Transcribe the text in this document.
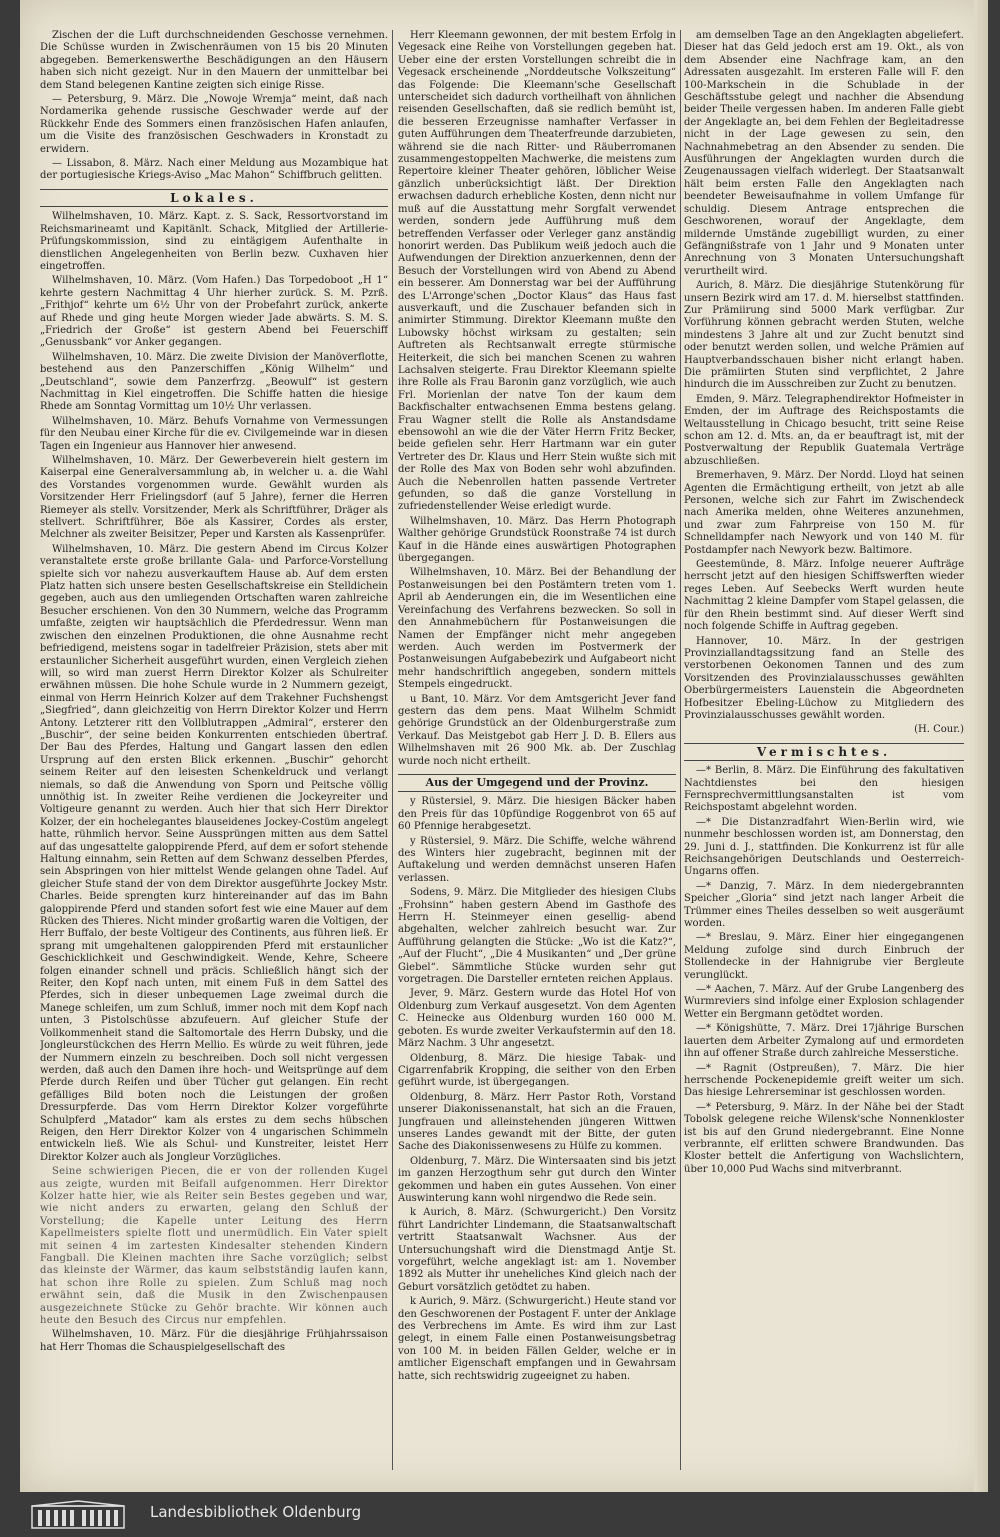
Zischen der die Luft durchschneidenden Geschosse vernehmen. Die Schüsse wurden in Zwischenräumen von 15 bis 20 Minuten abgegeben. Bemerkenswerthe Beschädigungen an den Häusern haben sich nicht gezeigt. Nur in den Mauern der unmittelbar bei dem Stand belegenen Kantine zeigten sich einige Risse.

— Petersburg, 9. März. Die „Nowoje Wremja“ meint, daß nach Nordamerika gehende russische Geschwader werde auf der Rückkehr Ende des Sommers einen französischen Hafen anlaufen, um die Visite des französischen Geschwaders in Kronstadt zu erwidern.

— Lissabon, 8. März. Nach einer Meldung aus Mozambique hat der portugiesische Kriegs-Aviso „Mac Mahon“ Schiffbruch gelitten.

Lokales.

Wilhelmshaven, 10. März. Kapt. z. S. Sack, Ressortvorstand im Reichsmarineamt und Kapitänlt. Schack, Mitglied der Artillerie-Prüfungskommission, sind zu eintägigem Aufenthalte in dienstlichen Angelegenheiten von Berlin bezw. Cuxhaven hier eingetroffen.

Wilhelmshaven, 10. März. (Vom Hafen.) Das Torpedoboot „H 1“ kehrte gestern Nachmittag 4 Uhr hierher zurück. S. M. Pzrß. „Frithjof“ kehrte um 6½ Uhr von der Probefahrt zurück, ankerte auf Rhede und ging heute Morgen wieder Jade abwärts. S. M. S. „Friedrich der Große“ ist gestern Abend bei Feuerschiff „Genussbank“ vor Anker gegangen.

Wilhelmshaven, 10. März. Die zweite Division der Manöverflotte, bestehend aus den Panzerschiffen „König Wilhelm“ und „Deutschland“, sowie dem Panzerfrzg. „Beowulf“ ist gestern Nachmittag in Kiel eingetroffen. Die Schiffe hatten die hiesige Rhede am Sonntag Vormittag um 10½ Uhr verlassen.

Wilhelmshaven, 10. März. Behufs Vornahme von Vermessungen für den Neubau einer Kirche für die ev. Civilgemeinde war in diesen Tagen ein Ingenieur aus Hannover hier anwesend.

Wilhelmshaven, 10. März. Der Gewerbeverein hielt gestern im Kaiserpal eine Generalversammlung ab, in welcher u. a. die Wahl des Vorstandes vorgenommen wurde. Gewählt wurden als Vorsitzender Herr Frielingsdorf (auf 5 Jahre), ferner die Herren Riemeyer als stellv. Vorsitzender, Merk als Schriftführer, Dräger als stellvert. Schriftführer, Böe als Kassirer, Cordes als erster, Melchner als zweiter Beisitzer, Peper und Karsten als Kassenprüfer.

Wilhelmshaven, 10. März. Die gestern Abend im Circus Kolzer veranstaltete erste große brillante Gala- und Parforce-Vorstellung spielte sich vor nahezu ausverkauftem Hause ab. Auf dem ersten Platz hatten sich unsere besten Gesellschaftskreise ein Stelldichein gegeben, auch aus den umliegenden Ortschaften waren zahlreiche Besucher erschienen. Von den 30 Nummern, welche das Programm umfaßte, zeigten wir hauptsächlich die Pferdedressur. Wenn man zwischen den einzelnen Produktionen, die ohne Ausnahme recht befriedigend, meistens sogar in tadelfreier Präzision, stets aber mit erstaunlicher Sicherheit ausgeführt wurden, einen Vergleich ziehen will, so wird man zuerst Herrn Direktor Kolzer als Schulreiter erwähnen müssen. Die hohe Schule wurde in 2 Nummern gezeigt, einmal von Herrn Heinrich Kolzer auf dem Trakehner Fuchshengst „Siegfried“, dann gleichzeitig von Herrn Direktor Kolzer und Herrn Antony. Letzterer ritt den Vollblutrappen „Admiral“, ersterer den „Buschir“, der seine beiden Konkurrenten entschieden übertraf. Der Bau des Pferdes, Haltung und Gangart lassen den edlen Ursprung auf den ersten Blick erkennen. „Buschir“ gehorcht seinem Reiter auf den leisesten Schenkeldruck und verlangt niemals, so daß die Anwendung von Sporn und Peitsche völlig unnöthig ist. In zweiter Reihe verdienen die Jockeyreiter und Voltigeure genannt zu werden. Auch hier that sich Herr Direktor Kolzer, der ein hochelegantes blauseidenes Jockey-Costüm angelegt hatte, rühmlich hervor. Seine Aussprüngen mitten aus dem Sattel auf das ungesattelte galoppirende Pferd, auf dem er sofort stehende Haltung einnahm, sein Retten auf dem Schwanz desselben Pferdes, sein Abspringen von hier mittelst Wende gelangen ohne Tadel. Auf gleicher Stufe stand der von dem Direktor ausgeführte Jockey Mstr. Charles. Beide sprengten kurz hintereinander auf das im Bahn galoppirende Pferd und standen sofort fest wie eine Mauer auf dem Rücken des Thieres. Nicht minder großartig waren die Voltigen, der Herr Buffalo, der beste Voltigeur des Continents, aus führen ließ. Er sprang mit umgehaltenen galoppirenden Pferd mit erstaunlicher Geschicklichkeit und Geschwindigkeit. Wende, Kehre, Scheere folgen einander schnell und präcis. Schließlich hängt sich der Reiter, den Kopf nach unten, mit einem Fuß in dem Sattel des Pferdes, sich in dieser unbequemen Lage zweimal durch die Manege schleifen, um zum Schluß, immer noch mit dem Kopf nach unten, 3 Pistolschüsse abzufeuern. Auf gleicher Stufe der Vollkommenheit stand die Saltomortale des Herrn Dubsky, und die Jongleurstückchen des Herrn Mellio. Es würde zu weit führen, jede der Nummern einzeln zu beschreiben. Doch soll nicht vergessen werden, daß auch den Damen ihre hoch- und Weitsprünge auf dem Pferde durch Reifen und über Tücher gut gelangen. Ein recht gefälliges Bild boten noch die Leistungen der großen Dressurpferde. Das vom Herrn Direktor Kolzer vorgeführte Schulpferd „Matador“ kam als erstes zu dem sechs hübschen Reigen, den Herr Direktor Kolzer von 4 ungarischen Schimmeln entwickeln ließ. Wie als Schul- und Kunstreiter, leistet Herr Direktor Kolzer auch als Jongleur Vorzügliches.

Seine schwierigen Piecen, die er von der rollenden Kugel aus zeigte, wurden mit Beifall aufgenommen. Herr Direktor Kolzer hatte hier, wie als Reiter sein Bestes gegeben und war, wie nicht anders zu erwarten, gelang den Schluß der Vorstellung; die Kapelle unter Leitung des Herrn Kapellmeisters spielte flott und unermüdlich. Ein Vater spielt mit seinen 4 im zartesten Kindesalter stehenden Kindern Fangball. Die Kleinen machten ihre Sache vorzüglich; selbst das kleinste der Wärmer, das kaum selbstständig laufen kann, hat schon ihre Rolle zu spielen. Zum Schluß mag noch erwähnt sein, daß die Musik in den Zwischenpausen ausgezeichnete Stücke zu Gehör brachte. Wir können auch heute den Besuch des Circus nur empfehlen.

Wilhelmshaven, 10. März. Für die diesjährige Frühjahrssaison hat Herr Thomas die Schauspielgesellschaft des

Herr Kleemann gewonnen, der mit bestem Erfolg in Vegesack eine Reihe von Vorstellungen gegeben hat. Ueber eine der ersten Vorstellungen schreibt die in Vegesack erscheinende „Norddeutsche Volkszeitung“ das Folgende: Die Kleemann'sche Gesellschaft unterscheidet sich dadurch vortheilhaft von ähnlichen reisenden Gesellschaften, daß sie redlich bemüht ist, die besseren Erzeugnisse namhafter Verfasser in guten Aufführungen dem Theaterfreunde darzubieten, während sie die nach Ritter- und Räuberromanen zusammengestoppelten Machwerke, die meistens zum Repertoire kleiner Theater gehören, löblicher Weise gänzlich unberücksichtigt läßt. Der Direktion erwachsen dadurch erhebliche Kosten, denn nicht nur muß auf die Ausstattung mehr Sorgfalt verwendet werden, sondern jede Aufführung muß dem betreffenden Verfasser oder Verleger ganz anständig honorirt werden. Das Publikum weiß jedoch auch die Aufwendungen der Direktion anzuerkennen, denn der Besuch der Vorstellungen wird von Abend zu Abend ein besserer. Am Donnerstag war bei der Aufführung des L'Arronge'schen „Doctor Klaus“ das Haus fast ausverkauft, und die Zuschauer befanden sich in animirter Stimmung. Direktor Kleemann mußte den Lubowsky höchst wirksam zu gestalten; sein Auftreten als Rechtsanwalt erregte stürmische Heiterkeit, die sich bei manchen Scenen zu wahren Lachsalven steigerte. Frau Direktor Kleemann spielte ihre Rolle als Frau Baronin ganz vorzüglich, wie auch Frl. Morienlan der natve Ton der kaum dem Backfischalter entwachsenen Emma bestens gelang. Frau Wagner stellt die Rolle als Anstandsdame ebensowohl an wie die der Väter Herrn Fritz Becker, beide gefielen sehr. Herr Hartmann war ein guter Vertreter des Dr. Klaus und Herr Stein wußte sich mit der Rolle des Max von Boden sehr wohl abzufinden. Auch die Nebenrollen hatten passende Vertreter gefunden, so daß die ganze Vorstellung in zufriedenstellender Weise erledigt wurde.

Wilhelmshaven, 10. März. Das Herrn Photograph Walther gehörige Grundstück Roonstraße 74 ist durch Kauf in die Hände eines auswärtigen Photographen übergegangen.

Wilhelmshaven, 10. März. Bei der Behandlung der Postanweisungen bei den Postämtern treten vom 1. April ab Aenderungen ein, die im Wesentlichen eine Vereinfachung des Verfahrens bezwecken. So soll in den Annahmebüchern für Postanweisungen die Namen der Empfänger nicht mehr angegeben werden. Auch werden im Postvermerk der Postanweisungen Aufgabebezirk und Aufgabeort nicht mehr handschriftlich angegeben, sondern mittels Stempels eingedruckt.

u Bant, 10. März. Vor dem Amtsgericht Jever fand gestern das dem pens. Maat Wilhelm Schmidt gehörige Grundstück an der Oldenburgerstraße zum Verkauf. Das Meistgebot gab Herr J. D. B. Ellers aus Wilhelmshaven mit 26 900 Mk. ab. Der Zuschlag wurde noch nicht ertheilt.

Aus der Umgegend und der Provinz.

y Rüstersiel, 9. März. Die hiesigen Bäcker haben den Preis für das 10pfündige Roggenbrot von 65 auf 60 Pfennige herabgesetzt.

y Rüstersiel, 9. März. Die Schiffe, welche während des Winters hier zugebracht, beginnen mit der Auftakelung und werden demnächst unseren Hafen verlassen.

Sodens, 9. März. Die Mitglieder des hiesigen Clubs „Frohsinn“ haben gestern Abend im Gasthofe des Herrn H. Steinmeyer einen gesellig- abend abgehalten, welcher zahlreich besucht war. Zur Aufführung gelangten die Stücke: „Wo ist die Katz?“, „Auf der Flucht“, „Die 4 Musikanten“ und „Der grüne Giebel“. Sämmtliche Stücke wurden sehr gut vorgetragen. Die Darsteller ernteten reichen Applaus.

Jever, 9. März. Gestern wurde das Hotel Hof von Oldenburg zum Verkauf ausgesetzt. Von dem Agenten C. Heinecke aus Oldenburg wurden 160 000 M. geboten. Es wurde zweiter Verkaufstermin auf den 18. März Nachm. 3 Uhr angesetzt.

Oldenburg, 8. März. Die hiesige Tabak- und Cigarrenfabrik Kropping, die seither von den Erben geführt wurde, ist übergegangen.

Oldenburg, 8. März. Herr Pastor Roth, Vorstand unserer Diakonissenanstalt, hat sich an die Frauen, Jungfrauen und alleinstehenden jüngeren Wittwen unseres Landes gewandt mit der Bitte, der guten Sache des Diakonissenwesens zu Hülfe zu kommen.

Oldenburg, 7. März. Die Wintersaaten sind bis jetzt im ganzen Herzogthum sehr gut durch den Winter gekommen und haben ein gutes Aussehen. Von einer Auswinterung kann wohl nirgendwo die Rede sein.

k Aurich, 8. März. (Schwurgericht.) Den Vorsitz führt Landrichter Lindemann, die Staatsanwaltschaft vertritt Staatsanwalt Wachsner. Aus der Untersuchungshaft wird die Dienstmagd Antje St. vorgeführt, welche angeklagt ist: am 1. November 1892 als Mutter ihr uneheliches Kind gleich nach der Geburt vorsätzlich getödtet zu haben.

k Aurich, 9. März. (Schwurgericht.) Heute stand vor den Geschworenen der Postagent F. unter der Anklage des Verbrechens im Amte. Es wird ihm zur Last gelegt, in einem Falle einen Postanweisungsbetrag von 100 M. in beiden Fällen Gelder, welche er in amtlicher Eigenschaft empfangen und in Gewahrsam hatte, sich rechtswidrig zugeeignet zu haben.

am demselben Tage an den Angeklagten abgeliefert. Dieser hat das Geld jedoch erst am 19. Okt., als von dem Absender eine Nachfrage kam, an den Adressaten ausgezahlt. Im ersteren Falle will F. den 100-Markschein in die Schublade in der Geschäftsstube gelegt und nachher die Absendung beider Theile vergessen haben. Im anderen Falle giebt der Angeklagte an, bei dem Fehlen der Begleitadresse nicht in der Lage gewesen zu sein, den Nachnahmebetrag an den Absender zu senden. Die Ausführungen der Angeklagten wurden durch die Zeugenaussagen vielfach widerlegt. Der Staatsanwalt hält beim ersten Falle den Angeklagten nach beendeter Beweisaufnahme in vollem Umfange für schuldig. Diesem Antrage entsprechen die Geschworenen, worauf der Angeklagte, dem mildernde Umstände zugebilligt wurden, zu einer Gefängnißstrafe von 1 Jahr und 9 Monaten unter Anrechnung von 3 Monaten Untersuchungshaft verurtheilt wird.

Aurich, 8. März. Die diesjährige Stutenkörung für unsern Bezirk wird am 17. d. M. hierselbst stattfinden. Zur Prämiirung sind 5000 Mark verfügbar. Zur Vorführung können gebracht werden Stuten, welche mindestens 3 Jahre alt und zur Zucht benutzt sind oder benutzt werden sollen, und welche Prämien auf Hauptverbandsschauen bisher nicht erlangt haben. Die prämiirten Stuten sind verpflichtet, 2 Jahre hindurch die im Ausschreiben zur Zucht zu benutzen.

Emden, 9. März. Telegraphendirektor Hofmeister in Emden, der im Auftrage des Reichspostamts die Weltausstellung in Chicago besucht, tritt seine Reise schon am 12. d. Mts. an, da er beauftragt ist, mit der Postverwaltung der Republik Guatemala Verträge abzuschließen.

Bremerhaven, 9. März. Der Nordd. Lloyd hat seinen Agenten die Ermächtigung ertheilt, von jetzt ab alle Personen, welche sich zur Fahrt im Zwischendeck nach Amerika melden, ohne Weiteres anzunehmen, und zwar zum Fahrpreise von 150 M. für Schnelldampfer nach Newyork und von 140 M. für Postdampfer nach Newyork bezw. Baltimore.

Geestemünde, 8. März. Infolge neuerer Aufträge herrscht jetzt auf den hiesigen Schiffswerften wieder reges Leben. Auf Seebecks Werft wurden heute Nachmittag 2 kleine Dampfer vom Stapel gelassen, die für den Rhein bestimmt sind. Auf dieser Werft sind noch folgende Schiffe in Auftrag gegeben.

Hannover, 10. März. In der gestrigen Provinziallandtagssitzung fand an Stelle des verstorbenen Oekonomen Tannen und des zum Vorsitzenden des Provinzialausschusses gewählten Oberbürgermeisters Lauenstein die Abgeordneten Hofbesitzer Ebeling-Lüchow zu Mitgliedern des Provinzialausschusses gewählt worden.

(H. Cour.)
Vermischtes.

—* Berlin, 8. März. Die Einführung des fakultativen Nachtdienstes bei den hiesigen Fernsprechvermittlungsanstalten ist vom Reichspostamt abgelehnt worden.

—* Die Distanzradfahrt Wien-Berlin wird, wie nunmehr beschlossen worden ist, am Donnerstag, den 29. Juni d. J., stattfinden. Die Konkurrenz ist für alle Reichsangehörigen Deutschlands und Oesterreich-Ungarns offen.

—* Danzig, 7. März. In dem niedergebrannten Speicher „Gloria“ sind jetzt nach langer Arbeit die Trümmer eines Theiles desselben so weit ausgeräumt worden.

—* Breslau, 9. März. Einer hier eingegangenen Meldung zufolge sind durch Einbruch der Stollendecke in der Hahnigrube vier Bergleute verunglückt.

—* Aachen, 7. März. Auf der Grube Langenberg des Wurmreviers sind infolge einer Explosion schlagender Wetter ein Bergmann getödtet worden.

—* Königshütte, 7. März. Drei 17jährige Burschen lauerten dem Arbeiter Zymalong auf und ermordeten ihn auf offener Straße durch zahlreiche Messerstiche.

—* Ragnit (Ostpreußen), 7. März. Die hier herrschende Pockenepidemie greift weiter um sich. Das hiesige Lehrerseminar ist geschlossen worden.

—* Petersburg, 9. März. In der Nähe bei der Stadt Tobolsk gelegene reiche Wilensk'sche Nonnenkloster ist bis auf den Grund niedergebrannt. Eine Nonne verbrannte, elf erlitten schwere Brandwunden. Das Kloster bettelt die Anfertigung von Wachslichtern, über 10,000 Pud Wachs sind mitverbrannt.

Landesbibliothek Oldenburg
